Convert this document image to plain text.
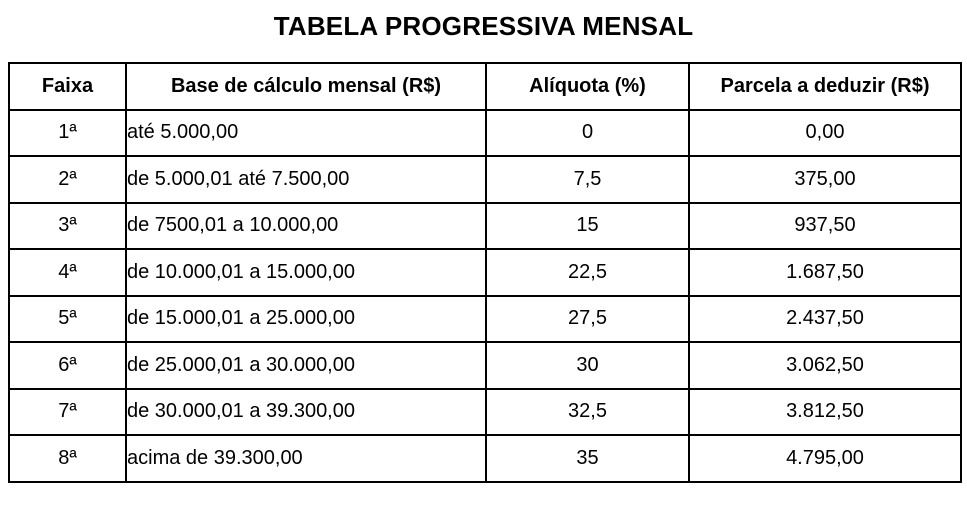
TABELA PROGRESSIVA MENSAL
Faixa	Base de cálculo mensal (R$)	Alíquota (%)	Parcela a deduzir (R$)
1ª	até 5.000,00	0	0,00
2ª	de 5.000,01 até 7.500,00	7,5	375,00
3ª	de 7500,01 a 10.000,00	15	937,50
4ª	de 10.000,01 a 15.000,00	22,5	1.687,50
5ª	de 15.000,01 a 25.000,00	27,5	2.437,50
6ª	de 25.000,01 a 30.000,00	30	3.062,50
7ª	de 30.000,01 a 39.300,00	32,5	3.812,50
8ª	acima de 39.300,00	35	4.795,00
